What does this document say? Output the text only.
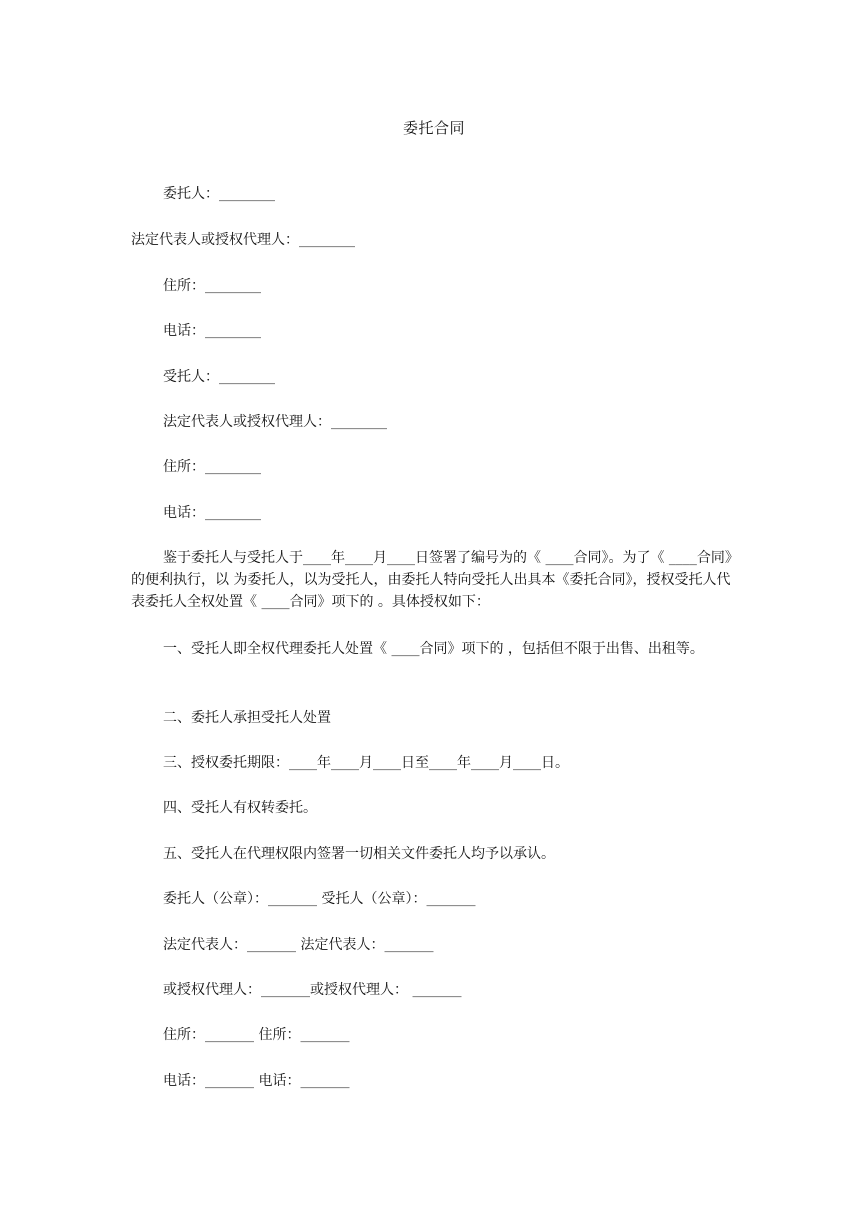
委托合同
委托人：________
法定代表人或授权代理人：________
住所：________
电话：________
受托人：________
法定代表人或授权代理人：________
住所：________
电话：________
鉴于委托人与受托人于____年____月____日签署了编号为的《 ____合同》。为了《 ____合同》的便利执行，以 为委托人，以为受托人，由委托人特向受托人出具本《委托合同》，授权受托人代表委托人全权处置《 ____合同》项下的 。具体授权如下：
一、受托人即全权代理委托人处置《 ____合同》项下的 ，包括但不限于出售、出租等。
二、委托人承担受托人处置
三、授权委托期限：____年____月____日至____年____月____日。
四、受托人有权转委托。
五、受托人在代理权限内签署一切相关文件委托人均予以承认。
委托人（公章）：_______ 受托人（公章）：_______
法定代表人：_______ 法定代表人：_______
或授权代理人：_______或授权代理人： _______
住所：_______ 住所：_______
电话：_______ 电话：_______
